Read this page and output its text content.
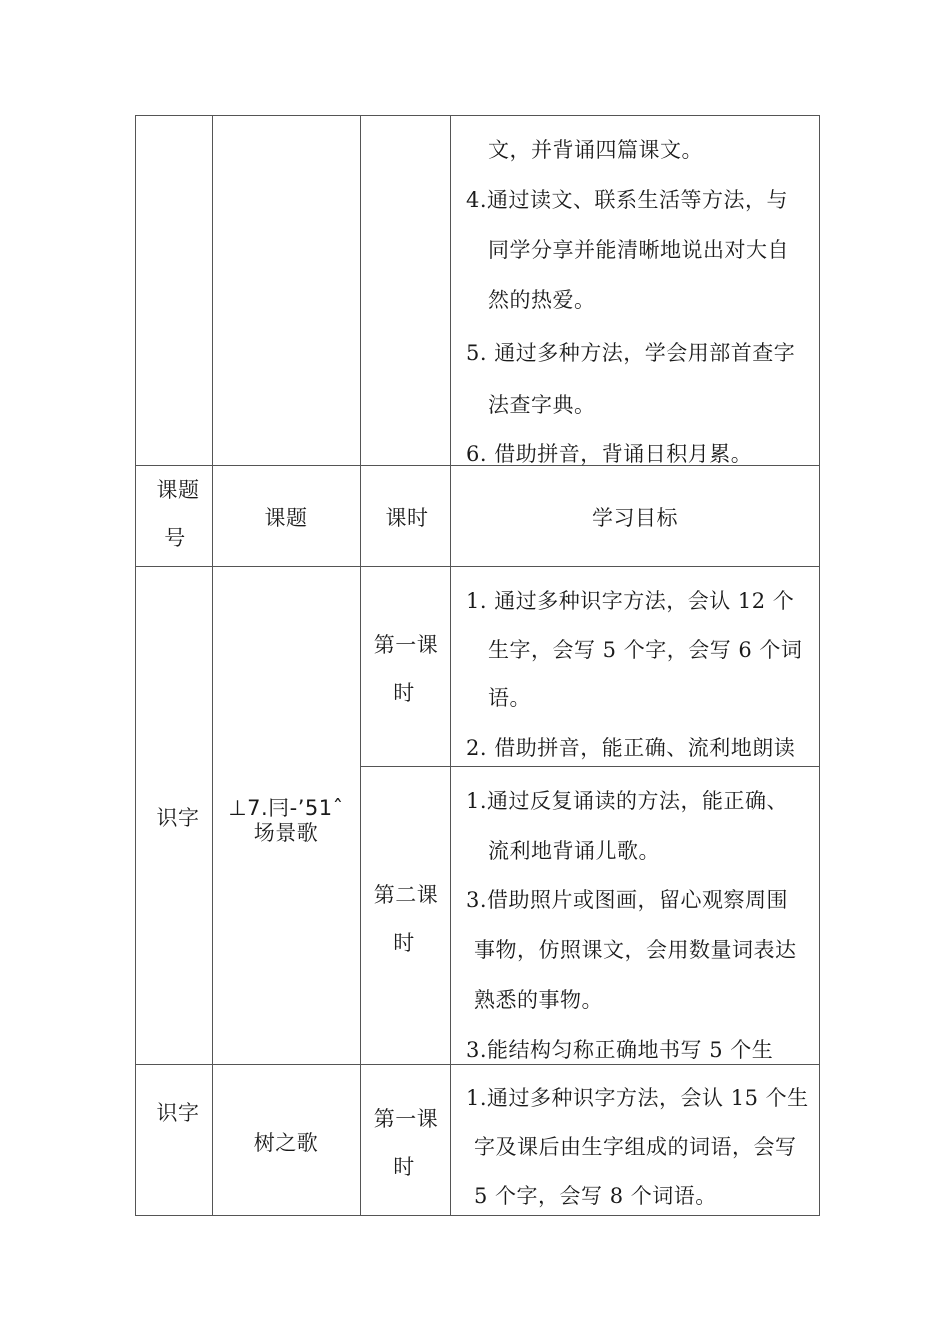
文，并背诵四篇课文。
4.通过读文、联系生活等方法，与
同学分享并能清晰地说出对大自
然的热爱。
5. 通过多种方法，学会用部首查字
法查字典。
6. 借助拼音，背诵日积月累。
课题
号
课题	课时	学习目标
识字 ⊥7.冃-’51ˆ
场景歌
第一课
时
1. 通过多种识字方法，会认 12 个
生字，会写 5 个字，会写 6 个词
语。
2. 借助拼音，能正确、流利地朗读
第二课
时
1.通过反复诵读的方法，能正确、
流利地背诵儿歌。
3.借助照片或图画，留心观察周围
事物，仿照课文，会用数量词表达
熟悉的事物。
3.能结构匀称正确地书写 5 个生
识字
树之歌
第一课
时
1.通过多种识字方法，会认 15 个生
字及课后由生字组成的词语，会写
5 个字，会写 8 个词语。
